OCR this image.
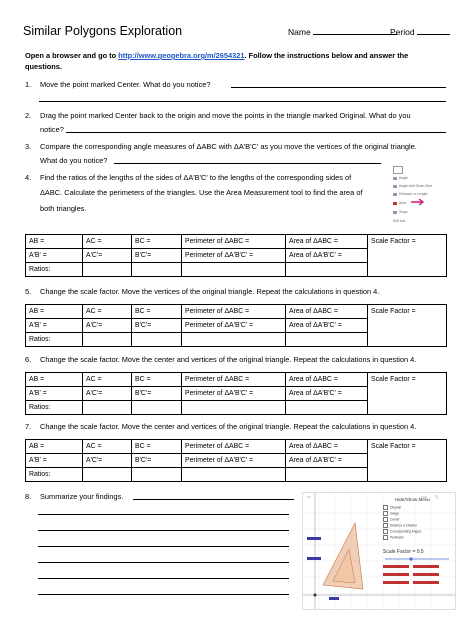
Similar Polygons Exploration	Name	Period
Open a browser and go to http://www.geogebra.org/m/2654321. Follow the instructions below and answer the
questions.
1. Move the point marked Center. What do you notice?
2. Drag the point marked Center back to the origin and move the points in the triangle marked Original. What do you
notice?
3. Compare the corresponding angle measures of ΔABC with ΔA'B'C' as you move the vertices of the original triangle.
What do you notice?
4. Find the ratios of the lengths of the sides of ΔA'B'C' to the lengths of the corresponding sides of
ΔABC. Calculate the perimeters of the triangles. Use the Area Measurement tool to find the area of
both triangles.
Angle
Angle with Given Size
Distance or Length
Area
Slope
Roll List
AB =	AC =	BC =	Perimeter of ΔABC =	Area of ΔABC =	Scale Factor =
A'B' =	A'C'=	B'C'=	Perimeter of ΔA'B'C' =	Area of ΔA'B'C' =	
Ratios:					
5. Change the scale factor. Move the vertices of the original triangle. Repeat the calculations in question 4.
AB =	AC =	BC =	Perimeter of ΔABC =	Area of ΔABC =	Scale Factor =
A'B' =	A'C'=	B'C'=	Perimeter of ΔA'B'C' =	Area of ΔA'B'C' =	
Ratios:					
6. Change the scale factor. Move the center and vertices of the original triangle. Repeat the calculations in question 4.
AB =	AC =	BC =	Perimeter of ΔABC =	Area of ΔABC =	Scale Factor =
A'B' =	A'C'=	B'C'=	Perimeter of ΔA'B'C' =	Area of ΔA'B'C' =	
Ratios:					
7. Change the scale factor. Move the center and vertices of the original triangle. Repeat the calculations in question 4.
AB =	AC =	BC =	Perimeter of ΔABC =	Area of ΔABC =	Scale Factor =
A'B' =	A'C'=	B'C'=	Perimeter of ΔA'B'C' =	Area of ΔA'B'C' =	
Ratios:					
8. Summarize your findings.	Hide/Show Menu
Original
Image
Center
Distance & Dilation
Corresponding Angles
Perimeter
Scale Factor = 0.5
